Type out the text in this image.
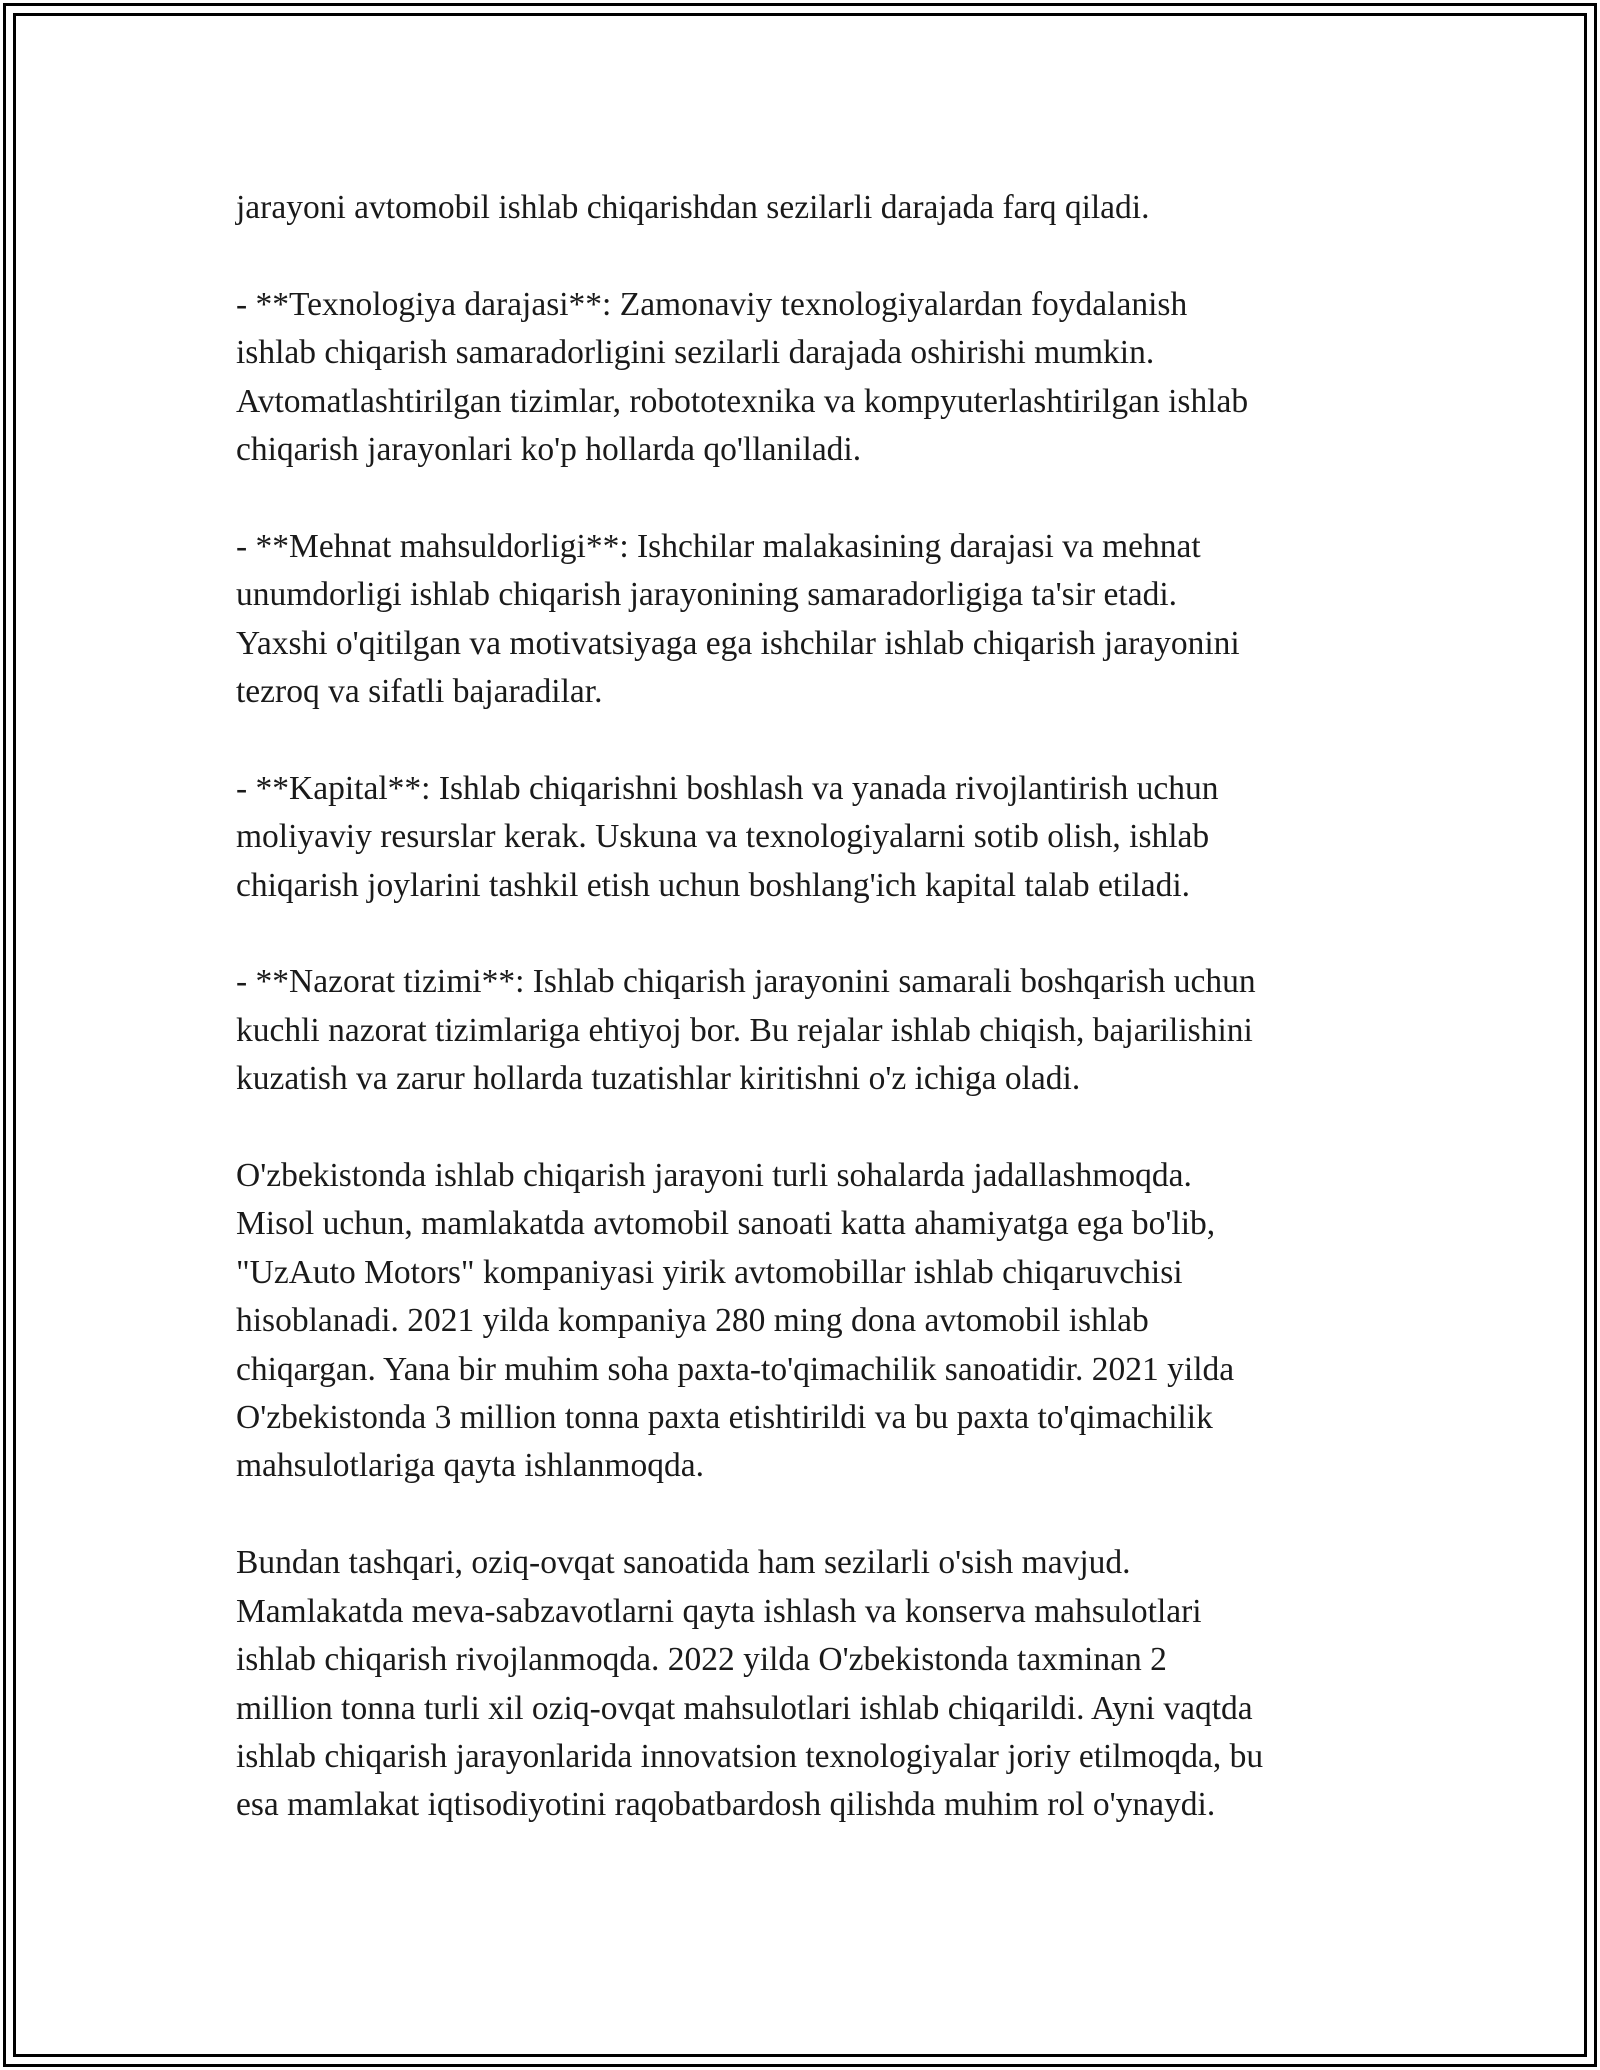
jarayoni avtomobil ishlab chiqarishdan sezilarli darajada farq qiladi.

- **Texnologiya darajasi**: Zamonaviy texnologiyalardan foydalanish
ishlab chiqarish samaradorligini sezilarli darajada oshirishi mumkin.
Avtomatlashtirilgan tizimlar, robototexnika va kompyuterlashtirilgan ishlab
chiqarish jarayonlari ko'p hollarda qo'llaniladi.

- **Mehnat mahsuldorligi**: Ishchilar malakasining darajasi va mehnat
unumdorligi ishlab chiqarish jarayonining samaradorligiga ta'sir etadi.
Yaxshi o'qitilgan va motivatsiyaga ega ishchilar ishlab chiqarish jarayonini
tezroq va sifatli bajaradilar.

- **Kapital**: Ishlab chiqarishni boshlash va yanada rivojlantirish uchun
moliyaviy resurslar kerak. Uskuna va texnologiyalarni sotib olish, ishlab
chiqarish joylarini tashkil etish uchun boshlang'ich kapital talab etiladi.

- **Nazorat tizimi**: Ishlab chiqarish jarayonini samarali boshqarish uchun
kuchli nazorat tizimlariga ehtiyoj bor. Bu rejalar ishlab chiqish, bajarilishini
kuzatish va zarur hollarda tuzatishlar kiritishni o'z ichiga oladi.

O'zbekistonda ishlab chiqarish jarayoni turli sohalarda jadallashmoqda.
Misol uchun, mamlakatda avtomobil sanoati katta ahamiyatga ega bo'lib,
"UzAuto Motors" kompaniyasi yirik avtomobillar ishlab chiqaruvchisi
hisoblanadi. 2021 yilda kompaniya 280 ming dona avtomobil ishlab
chiqargan. Yana bir muhim soha paxta-to'qimachilik sanoatidir. 2021 yilda
O'zbekistonda 3 million tonna paxta etishtirildi va bu paxta to'qimachilik
mahsulotlariga qayta ishlanmoqda.

Bundan tashqari, oziq-ovqat sanoatida ham sezilarli o'sish mavjud.
Mamlakatda meva-sabzavotlarni qayta ishlash va konserva mahsulotlari
ishlab chiqarish rivojlanmoqda. 2022 yilda O'zbekistonda taxminan 2
million tonna turli xil oziq-ovqat mahsulotlari ishlab chiqarildi. Ayni vaqtda
ishlab chiqarish jarayonlarida innovatsion texnologiyalar joriy etilmoqda, bu
esa mamlakat iqtisodiyotini raqobatbardosh qilishda muhim rol o'ynaydi.
